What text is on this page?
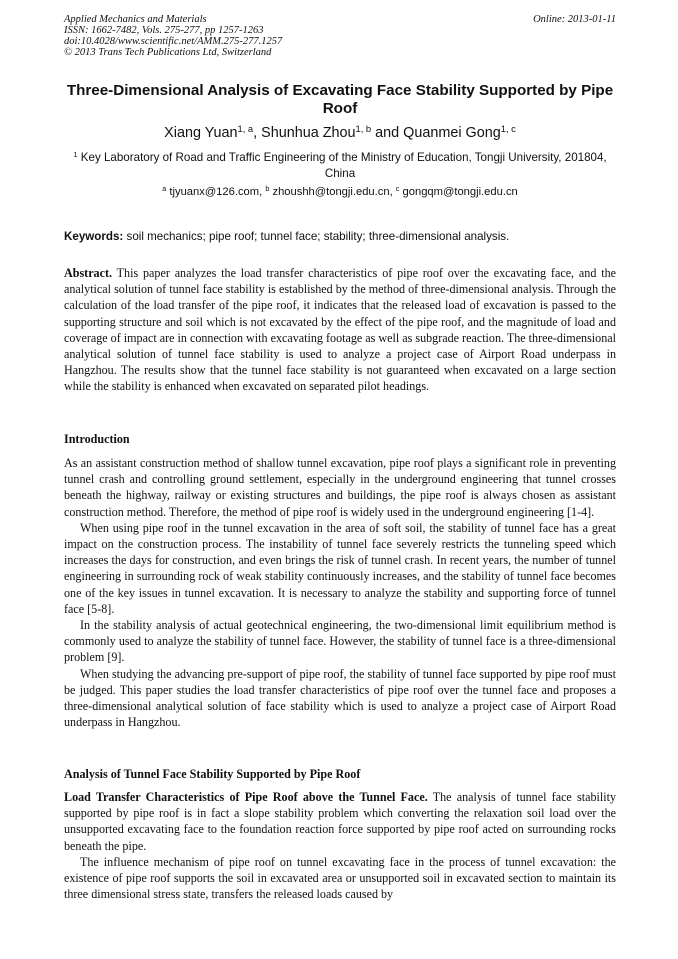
Applied Mechanics and Materials
ISSN: 1662-7482, Vols. 275-277, pp 1257-1263
doi:10.4028/www.scientific.net/AMM.275-277.1257
© 2013 Trans Tech Publications Ltd, Switzerland
Online: 2013-01-11
Three-Dimensional Analysis of Excavating Face Stability Supported by Pipe Roof
Xiang Yuan$^{1, a}$, Shunhua Zhou$^{1, b}$ and Quanmei Gong$^{1, c}$
$^1$ Key Laboratory of Road and Traffic Engineering of the Ministry of Education, Tongji University, 201804, China
$^a$ tjyuanx@126.com, $^b$ zhoushh@tongji.edu.cn, $^c$ gongqm@tongji.edu.cn
Keywords: soil mechanics; pipe roof; tunnel face; stability; three-dimensional analysis.

Abstract. This paper analyzes the load transfer characteristics of pipe roof over the excavating face, and the analytical solution of tunnel face stability is established by the method of three-dimensional analysis. Through the calculation of the load transfer of the pipe roof, it indicates that the released load of excavation is passed to the supporting structure and soil which is not excavated by the effect of the pipe roof, and the magnitude of load and coverage of impact are in connection with excavating footage as well as subgrade reaction. The three-dimensional analytical solution of tunnel face stability is used to analyze a project case of Airport Road underpass in Hangzhou. The results show that the tunnel face stability is not guaranteed when excavated on a large section while the stability is enhanced when excavated on separated pilot headings.

Introduction

As an assistant construction method of shallow tunnel excavation, pipe roof plays a significant role in preventing tunnel crash and controlling ground settlement, especially in the underground engineering that tunnel crosses beneath the highway, railway or existing structures and buildings, the pipe roof is always chosen as assistant construction method. Therefore, the method of pipe roof is widely used in the underground engineering [1-4].

When using pipe roof in the tunnel excavation in the area of soft soil, the stability of tunnel face has a great impact on the construction process. The instability of tunnel face severely restricts the tunneling speed which increases the days for construction, and even brings the risk of tunnel crash. In recent years, the number of tunnel engineering in surrounding rock of weak stability continuously increases, and the stability of tunnel face becomes one of the key issues in tunnel excavation. It is necessary to analyze the stability and supporting force of tunnel face [5-8].

In the stability analysis of actual geotechnical engineering, the two-dimensional limit equilibrium method is commonly used to analyze the stability of tunnel face. However, the stability of tunnel face is a three-dimensional problem [9].

When studying the advancing pre-support of pipe roof, the stability of tunnel face supported by pipe roof must be judged. This paper studies the load transfer characteristics of pipe roof over the tunnel face and proposes a three-dimensional analytical solution of face stability which is used to analyze a project case of Airport Road underpass in Hangzhou.

Analysis of Tunnel Face Stability Supported by Pipe Roof

Load Transfer Characteristics of Pipe Roof above the Tunnel Face. The analysis of tunnel face stability supported by pipe roof is in fact a slope stability problem which converting the relaxation soil load over the unsupported excavating face to the foundation reaction force supported by pipe roof acted on surrounding rocks beneath the pipe.

The influence mechanism of pipe roof on tunnel excavating face in the process of tunnel excavation: the existence of pipe roof supports the soil in excavated area or unsupported soil in excavated section to maintain its three dimensional stress state, transfers the released loads caused by
